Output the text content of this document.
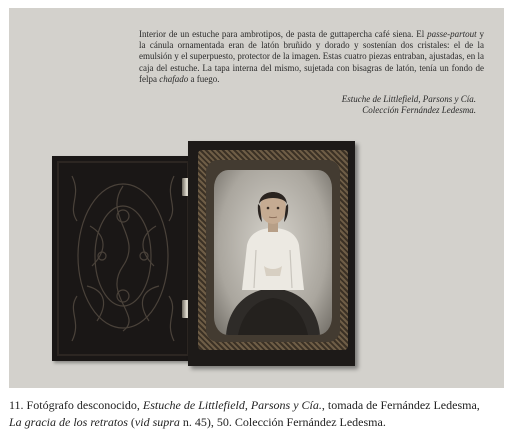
Interior de un estuche para ambrotipos, de pasta de guttapercha café siena. El passe-partout y la cánula ornamentada eran de latón bruñido y dorado y sostenían dos cristales: el de la emulsión y el superpuesto, protector de la imagen. Estas cuatro piezas entraban, ajustadas, en la caja del estuche. La tapa interna del mismo, sujetada con bisagras de latón, tenía un fondo de felpa chafado a fuego.
Estuche de Littlefield, Parsons y Cía.
Colección Fernández Ledesma.
11. Fotógrafo desconocido, Estuche de Littlefield, Parsons y Cía., tomada de Fernández Ledesma,
La gracia de los retratos (vid supra n. 45), 50. Colección Fernández Ledesma.
